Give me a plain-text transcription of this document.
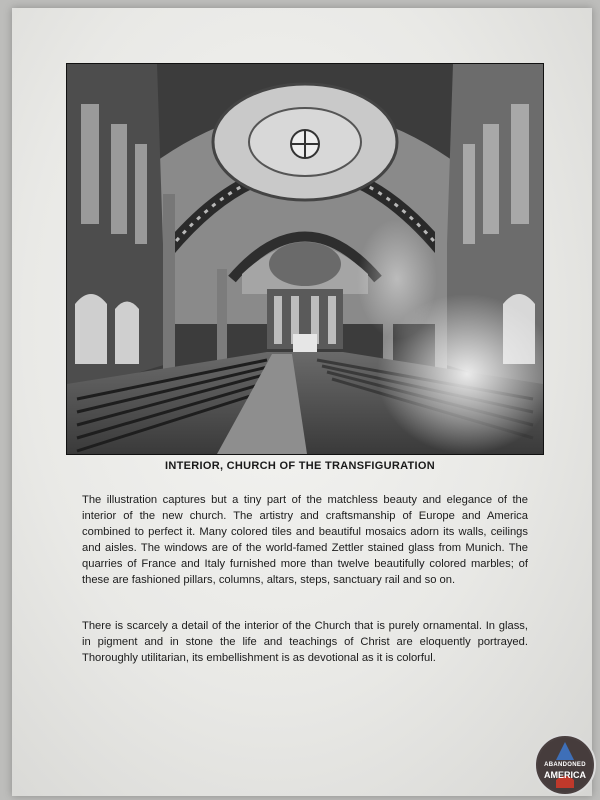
INTERIOR, CHURCH OF THE TRANSFIGURATION

The illustration captures but a tiny part of the matchless beauty and elegance of the interior of the new church. The artistry and craftsmanship of Europe and America combined to perfect it. Many colored tiles and beautiful mosaics adorn its walls, ceilings and aisles. The windows are of the world-famed Zettler stained glass from Munich. The quarries of France and Italy furnished more than twelve beautifully colored marbles; of these are fashioned pillars, columns, altars, steps, sanctuary rail and so on.

There is scarcely a detail of the interior of the Church that is purely ornamental. In glass, in pigment and in stone the life and teachings of Christ are eloquently portrayed. Thoroughly utilitarian, its embellishment is as devotional as it is colorful.

ABANDONED
AMERICA
